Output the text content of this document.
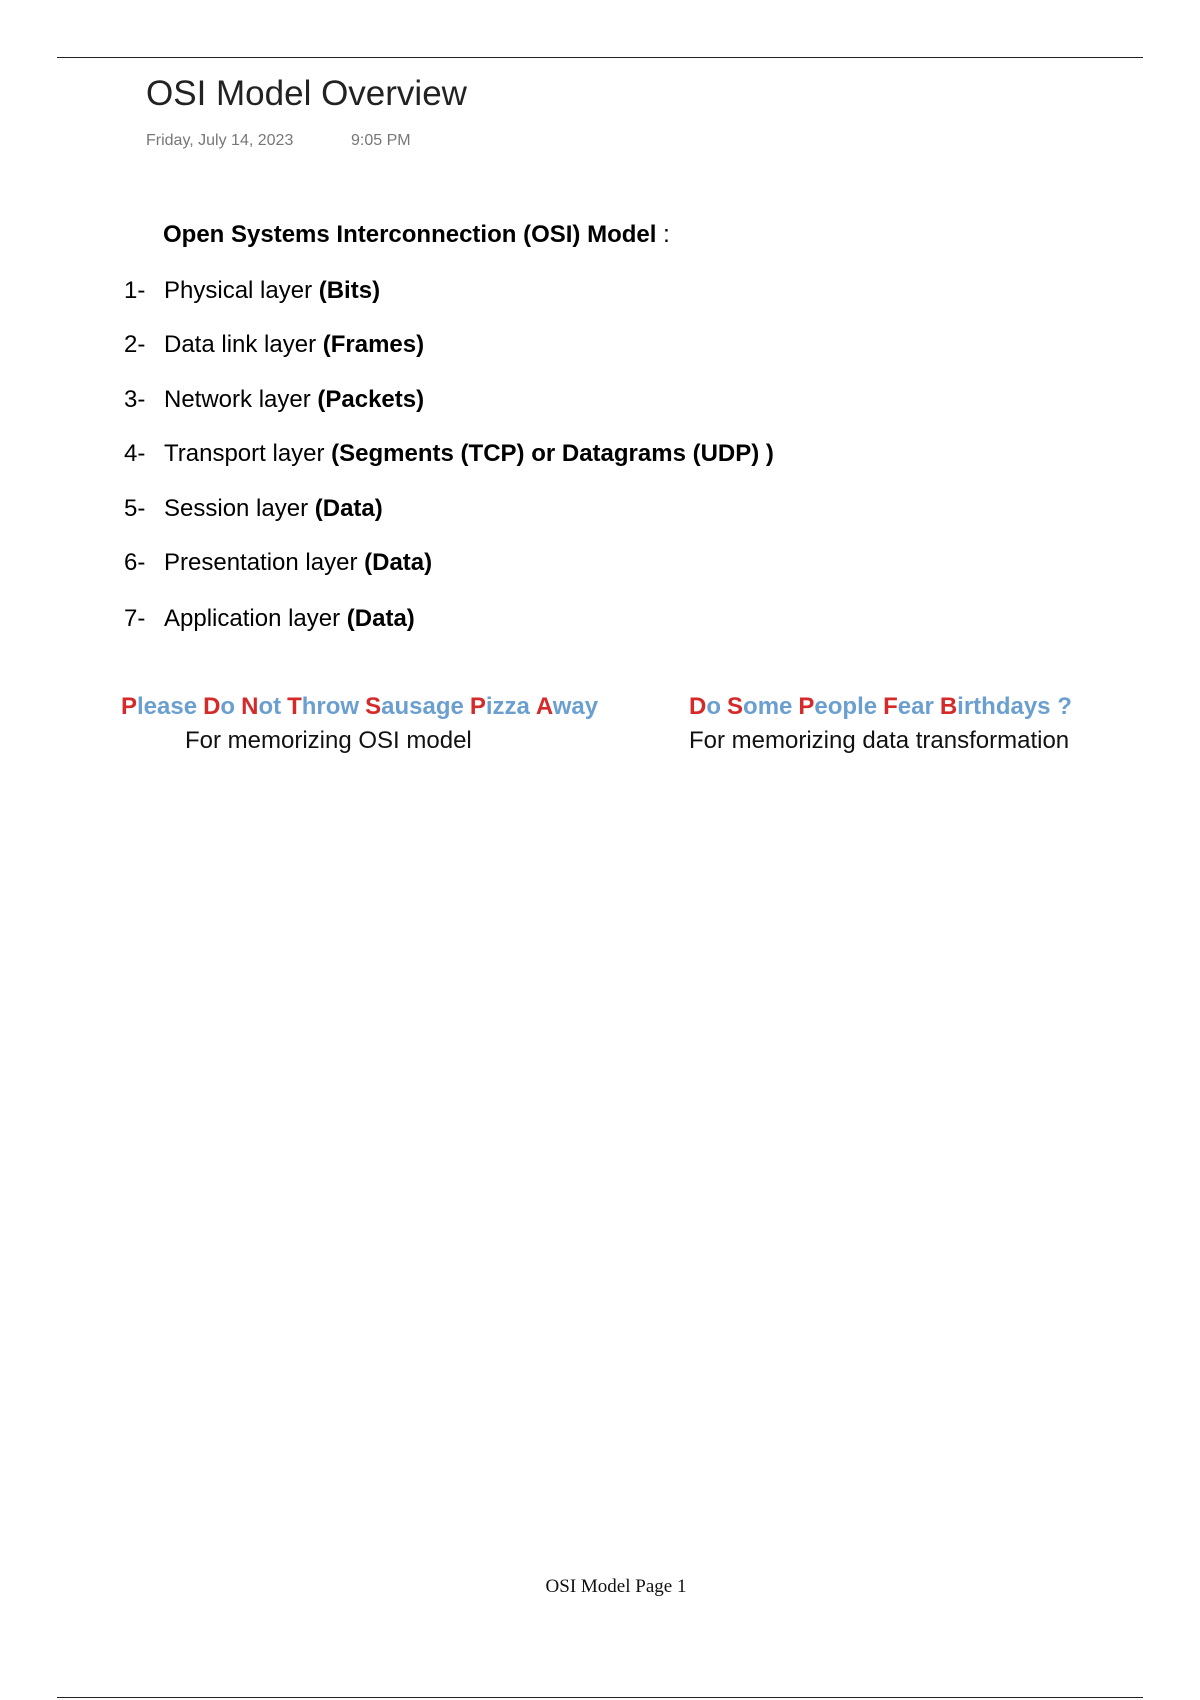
OSI Model Overview
Friday, July 14, 2023	9:05 PM
Open Systems Interconnection (OSI) Model :
1- Physical layer (Bits)
2- Data link layer (Frames)
3- Network layer (Packets)
4- Transport layer (Segments (TCP) or Datagrams (UDP) )
5- Session layer (Data)
6- Presentation layer (Data)
7- Application layer (Data)
Please Do Not Throw Sausage Pizza Away
For memorizing OSI model
Do Some People Fear Birthdays ?
For memorizing data transformation
OSI Model Page 1
